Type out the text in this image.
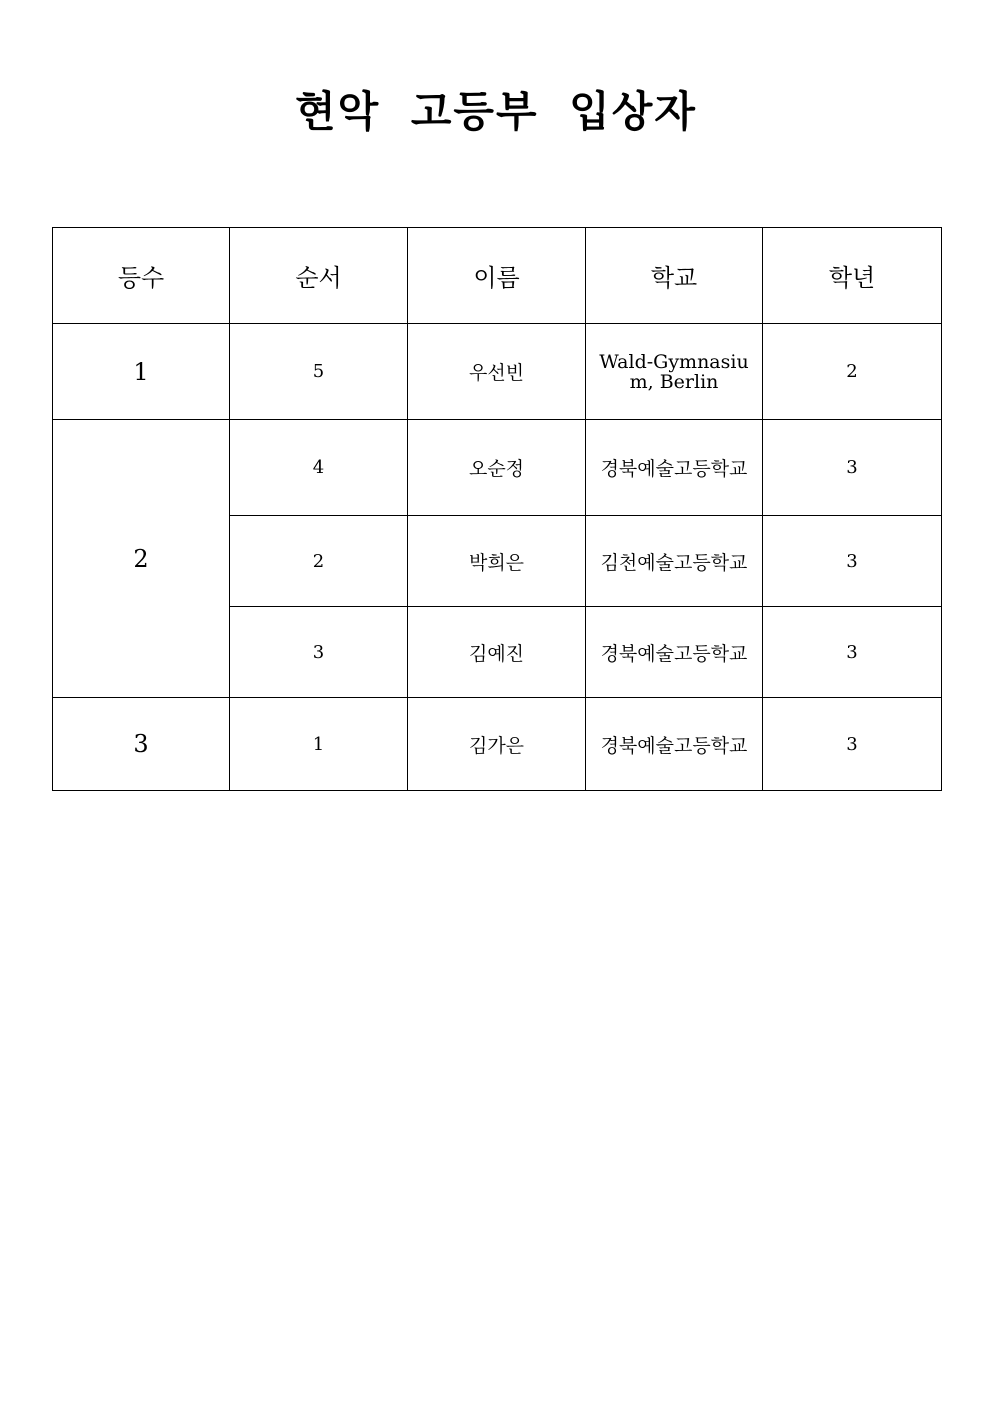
현악 고등부 입상자
등수	순서	이름	학교	학년
1	5	우선빈	Wald-Gymnasium, Berlin	2
2	4	오순정	경북예술고등학교	3
	2	박희은	김천예술고등학교	3
	3	김예진	경북예술고등학교	3
3	1	김가은	경북예술고등학교	3
